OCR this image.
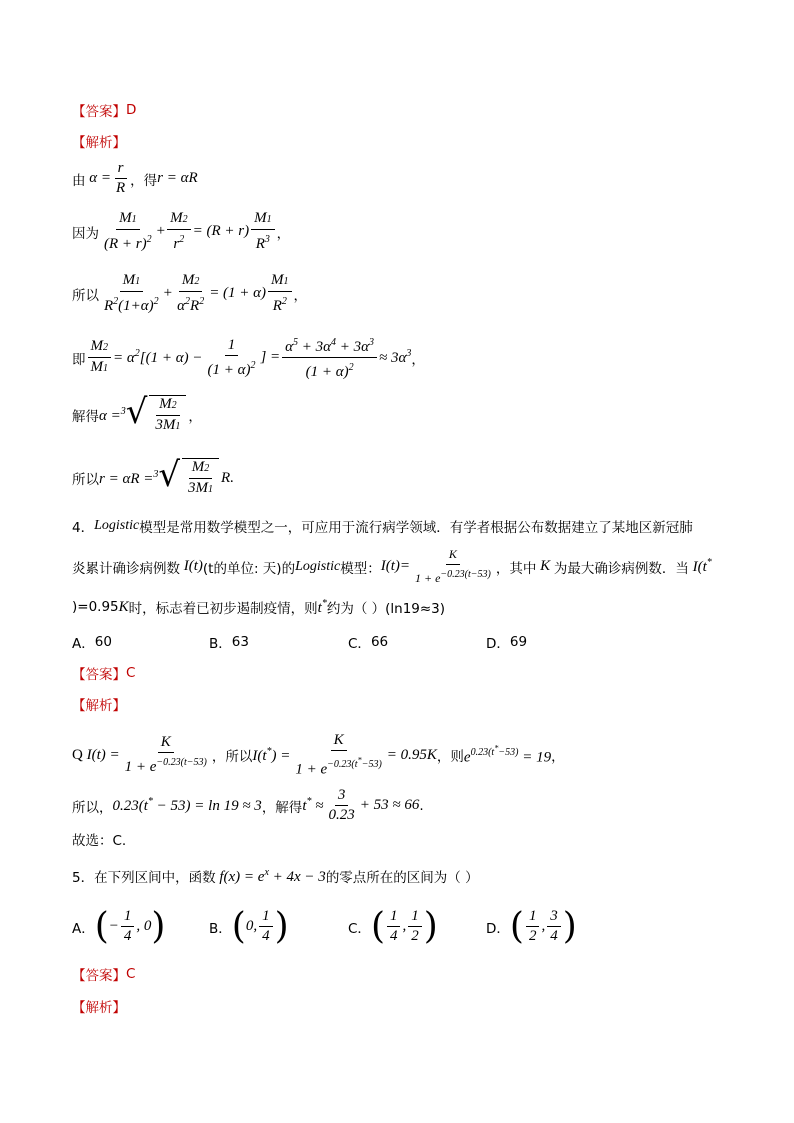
【答案】 D
【解析】
由 $\alpha = \frac{r}{R}$ ，得 r = αR
因为 $\frac{M1}{(R + r)^2} + \frac{M2}{r^2} = (R + r) \frac{M1}{R^3}$ ，
所以 $\frac{M1}{R^2(1+\alpha)^2} + \frac{M2}{\alpha^2R^2} = (1 + \alpha) \frac{M1}{R^2}$ ，
即 $\frac{M2}{M1} = \alpha^2[(1 + \alpha) - \frac{1}{(1 + \alpha)^2}$ ] = $\frac{\alpha^5 + 3\alpha^4 + 3\alpha^3}{(1 + \alpha)^2} \approx 3\alpha^3$ ，
解得 α =$^3$ √ $\frac{M2}{3M1}$ ，
所以 r = αR =$^3$ √ $\frac{M2}{3M1} R$.
4． Logistic 模型是常用数学模型之一，可应用于流行病学领域．有学者根据公布数据建立了某地区新冠肺
炎累计确诊病例数 I(t) (t的单位: 天)的 Logistic 模型： $I(t)= \frac{K}{1 + e^{-0.23(t-53)}}$ ，其中 K 为最大确诊病例数．当 I(t*
)=0.95 K 时，标志着已初步遏制疫情，则 t* 约为（ ）(ln19≈3)
A． 60	B． 63	C． 66	D． 69
【答案】 C
【解析】
Q $I(t) = \frac{K}{1 + e^{-0.23(t-53)}}$ ，所以 $I(t^*) = \frac{K}{1 + e^{-0.23(t^*-53)}} = 0.95K$ ，则 $e^{0.23(t^*-53)} = 19$ ，
所以， 0.23(t* − 53) = ln 19 ≈ 3 ，解得 $t^* \approx \frac{3}{0.23} + 53 \approx 66$ .
故选：C.
5． 在下列区间中，函数 $f(x) = e^x + 4x - 3$ 的零点所在的区间为（ ）
A． ( − $\frac{1}{4}$ , 0 )	B． ( 0, $\frac{1}{4}$ )	C． ( $\frac{1}{4}$ , $\frac{1}{2}$ )	D． ( $\frac{1}{2}$ , $\frac{3}{4}$ )
【答案】 C
【解析】
